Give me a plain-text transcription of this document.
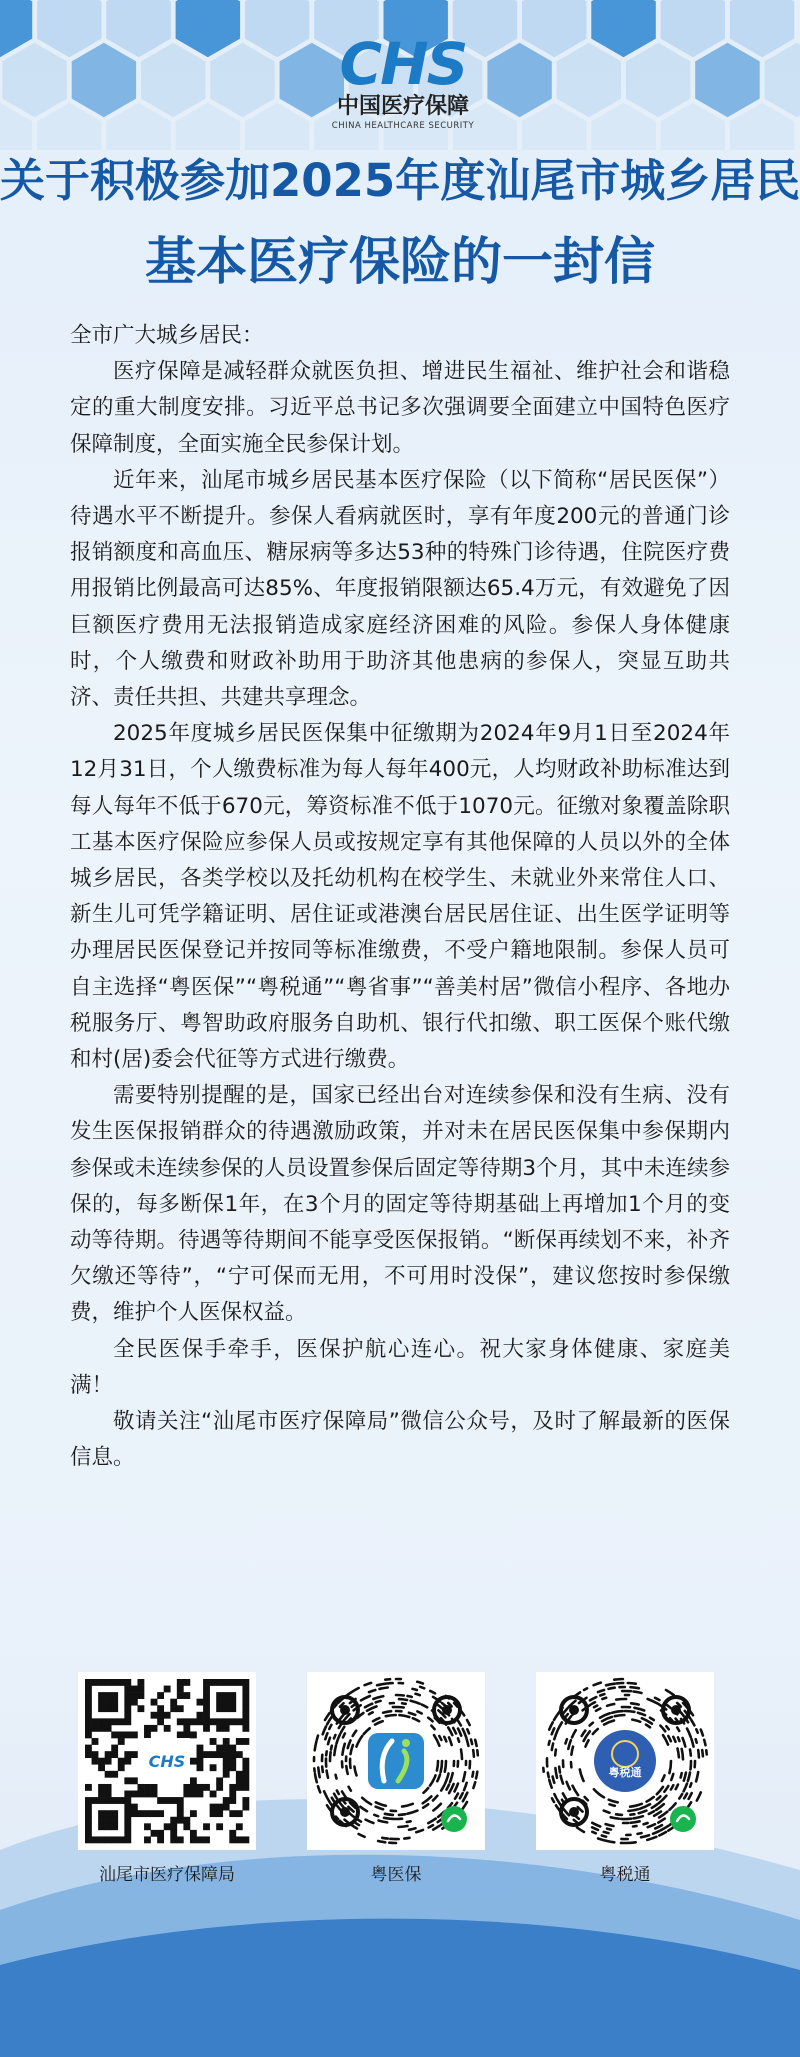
CHS
中国医疗保障
CHINA HEALTHCARE SECURITY
关于积极参加2025年度汕尾市城乡居民
基本医疗保险的一封信

全市广大城乡居民：

医疗保障是减轻群众就医负担、增进民生福祉、维护社会和谐稳定的重大制度安排。习近平总书记多次强调要全面建立中国特色医疗保障制度，全面实施全民参保计划。

近年来，汕尾市城乡居民基本医疗保险（以下简称“居民医保”）待遇水平不断提升。参保人看病就医时，享有年度200元的普通门诊报销额度和高血压、糖尿病等多达53种的特殊门诊待遇，住院医疗费用报销比例最高可达85%、年度报销限额达65.4万元，有效避免了因巨额医疗费用无法报销造成家庭经济困难的风险。参保人身体健康时，个人缴费和财政补助用于助济其他患病的参保人，突显互助共济、责任共担、共建共享理念。

2025年度城乡居民医保集中征缴期为2024年9月1日至2024年12月31日，个人缴费标准为每人每年400元，人均财政补助标准达到每人每年不低于670元，筹资标准不低于1070元。征缴对象覆盖除职工基本医疗保险应参保人员或按规定享有其他保障的人员以外的全体城乡居民，各类学校以及托幼机构在校学生、未就业外来常住人口、新生儿可凭学籍证明、居住证或港澳台居民居住证、出生医学证明等办理居民医保登记并按同等标准缴费，不受户籍地限制。参保人员可自主选择“粤医保”“粤税通”“粤省事”“善美村居”微信小程序、各地办税服务厅、粤智助政府服务自助机、银行代扣缴、职工医保个账代缴和村(居)委会代征等方式进行缴费。

需要特别提醒的是，国家已经出台对连续参保和没有生病、没有发生医保报销群众的待遇激励政策，并对未在居民医保集中参保期内参保或未连续参保的人员设置参保后固定等待期3个月，其中未连续参保的，每多断保1年，在3个月的固定等待期基础上再增加1个月的变动等待期。待遇等待期间不能享受医保报销。“断保再续划不来，补齐欠缴还等待”，“宁可保而无用，不可用时没保”，建议您按时参保缴费，维护个人医保权益。

全民医保手牵手，医保护航心连心。祝大家身体健康、家庭美满！

敬请关注“汕尾市医疗保障局”微信公众号，及时了解最新的医保信息。

CHS
汕尾市医疗保障局	粤医保
粤税通
粤税通
